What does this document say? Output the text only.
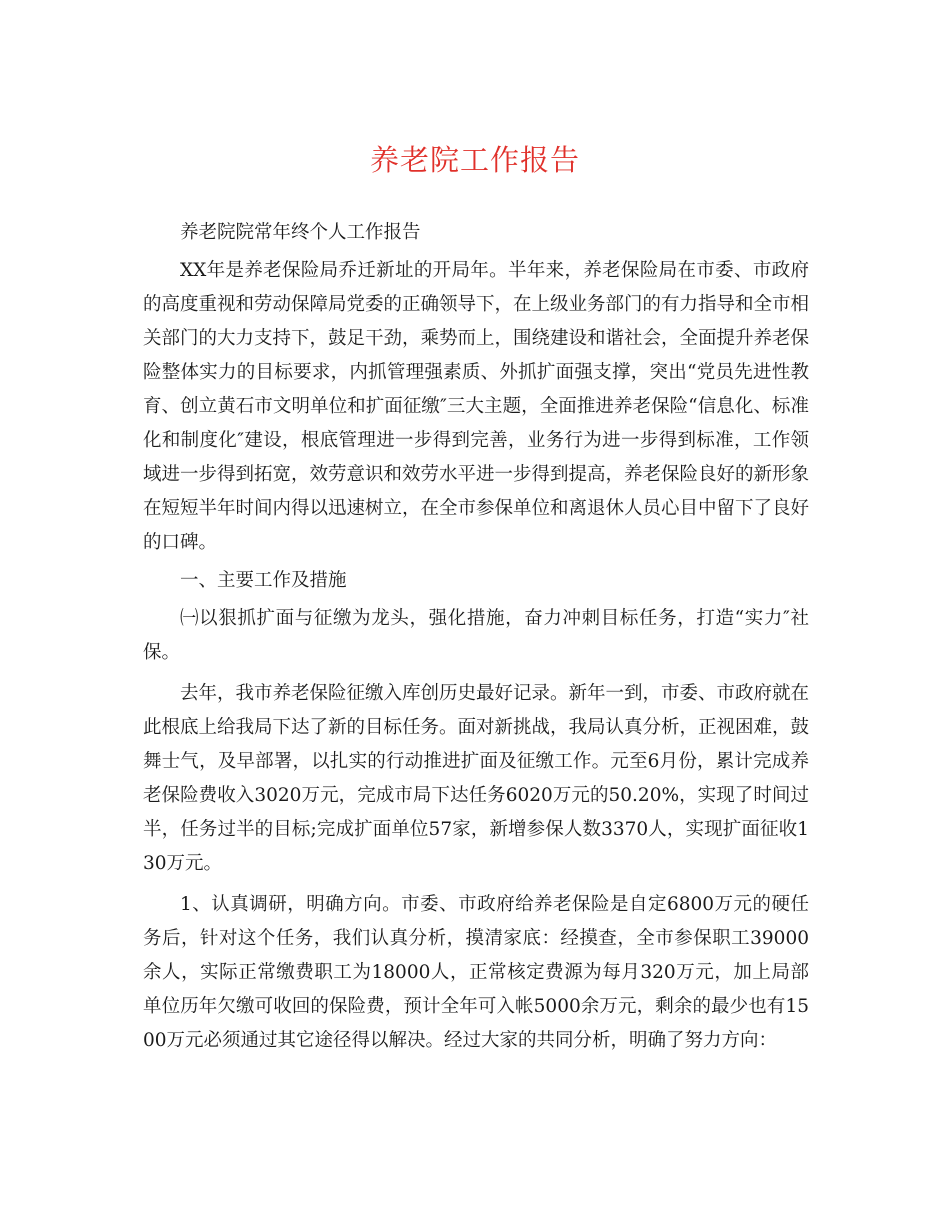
养老院工作报告

养老院院常年终个人工作报告

XX年是养老保险局乔迁新址的开局年。半年来，养老保险局在市委、市政府的高度重视和劳动保障局党委的正确领导下，在上级业务部门的有力指导和全市相关部门的大力支持下，鼓足干劲，乘势而上，围绕建设和谐社会，全面提升养老保险整体实力的目标要求，内抓管理强素质、外抓扩面强支撑，突出“党员先进性教育、创立黄石市文明单位和扩面征缴″三大主题，全面推进养老保险“信息化、标准化和制度化″建设，根底管理进一步得到完善，业务行为进一步得到标准，工作领域进一步得到拓宽，效劳意识和效劳水平进一步得到提高，养老保险良好的新形象在短短半年时间内得以迅速树立，在全市参保单位和离退休人员心目中留下了良好的口碑。

一、主要工作及措施

㈠以狠抓扩面与征缴为龙头，强化措施，奋力冲刺目标任务，打造“实力″社保。

去年，我市养老保险征缴入库创历史最好记录。新年一到，市委、市政府就在此根底上给我局下达了新的目标任务。面对新挑战，我局认真分析，正视困难，鼓舞士气，及早部署，以扎实的行动推进扩面及征缴工作。元至6月份，累计完成养老保险费收入3020万元，完成市局下达任务6020万元的50.20%，实现了时间过半，任务过半的目标;完成扩面单位57家，新增参保人数3370人，实现扩面征收130万元。

1、认真调研，明确方向。市委、市政府给养老保险是自定6800万元的硬任务后，针对这个任务，我们认真分析，摸清家底：经摸查，全市参保职工39000余人，实际正常缴费职工为18000人，正常核定费源为每月320万元，加上局部单位历年欠缴可收回的保险费，预计全年可入帐5000余万元，剩余的最少也有1500万元必须通过其它途径得以解决。经过大家的共同分析，明确了努力方向：
